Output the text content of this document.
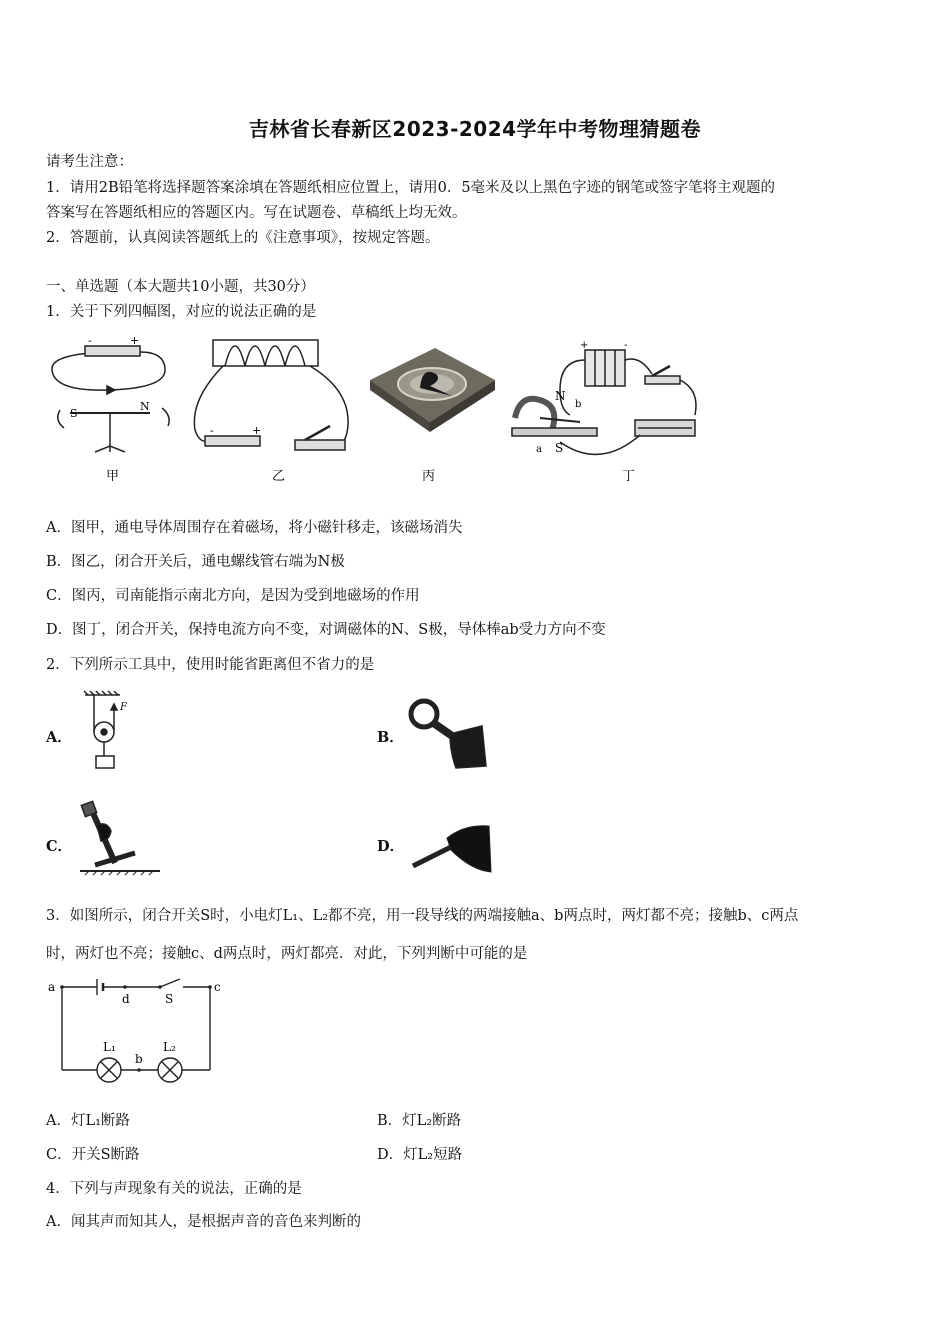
吉林省长春新区2023-2024学年中考物理猜题卷
请考生注意：
1．请用2B铅笔将选择题答案涂填在答题纸相应位置上，请用0．5毫米及以上黑色字迹的钢笔或签字笔将主观题的
答案写在答题纸相应的答题区内。写在试题卷、草稿纸上均无效。
2．答题前，认真阅读答题纸上的《注意事项》，按规定答题。
一、单选题（本大题共10小题，共30分）
1．关于下列四幅图，对应的说法正确的是
S
N
-	+
-	+
+	-
N
b
a S
甲	乙	丙	丁
A．图甲，通电导体周围存在着磁场，将小磁针移走，该磁场消失
B．图乙，闭合开关后，通电螺线管右端为N极
C．图丙，司南能指示南北方向，是因为受到地磁场的作用
D．图丁，闭合开关，保持电流方向不变，对调磁体的N、S极，导体棒ab受力方向不变
2．下列所示工具中，使用时能省距离但不省力的是
A．
F
B．
C．	D．
3．如图所示，闭合开关S时，小电灯L₁、L₂都不亮，用一段导线的两端接触a、b两点时，两灯都不亮；接触b、c两点
时，两灯也不亮；接触c、d两点时，两灯都亮．对此，下列判断中可能的是
a
d	S
c
L₁
b
L₂
A．灯L₁断路	B．灯L₂断路
C．开关S断路	D．灯L₂短路
4．下列与声现象有关的说法，正确的是
A．闻其声而知其人，是根据声音的音色来判断的
